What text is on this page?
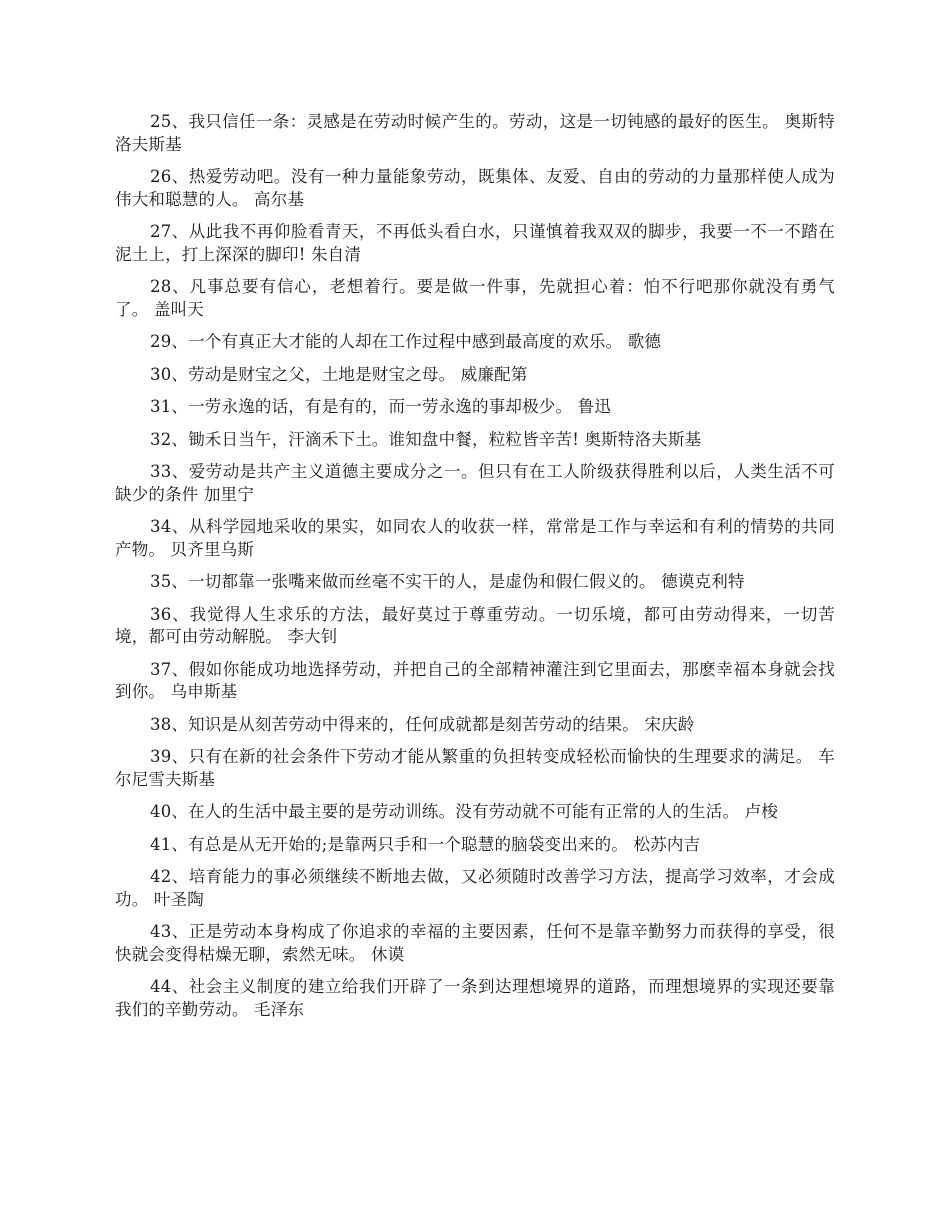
25、我只信任一条：灵感是在劳动时候产生的。劳动，这是一切钝感的最好的医生。 奥斯特洛夫斯基

26、热爱劳动吧。没有一种力量能象劳动，既集体、友爱、自由的劳动的力量那样使人成为伟大和聪慧的人。 高尔基

27、从此我不再仰脸看青天，不再低头看白水，只谨慎着我双双的脚步，我要一不一不踏在泥土上，打上深深的脚印! 朱自清

28、凡事总要有信心，老想着行。要是做一件事，先就担心着：怕不行吧那你就没有勇气了。 盖叫天

29、一个有真正大才能的人却在工作过程中感到最高度的欢乐。 歌德

30、劳动是财宝之父，土地是财宝之母。 威廉配第

31、一劳永逸的话，有是有的，而一劳永逸的事却极少。 鲁迅

32、锄禾日当午，汗滴禾下土。谁知盘中餐，粒粒皆辛苦! 奥斯特洛夫斯基

33、爱劳动是共产主义道德主要成分之一。但只有在工人阶级获得胜利以后，人类生活不可缺少的条件 加里宁

34、从科学园地采收的果实，如同农人的收获一样，常常是工作与幸运和有利的情势的共同产物。 贝齐里乌斯

35、一切都靠一张嘴来做而丝毫不实干的人，是虚伪和假仁假义的。 德谟克利特

36、我觉得人生求乐的方法，最好莫过于尊重劳动。一切乐境，都可由劳动得来，一切苦境，都可由劳动解脱。 李大钊

37、假如你能成功地选择劳动，并把自己的全部精神灌注到它里面去，那麽幸福本身就会找到你。 乌申斯基

38、知识是从刻苦劳动中得来的，任何成就都是刻苦劳动的结果。 宋庆龄

39、只有在新的社会条件下劳动才能从繁重的负担转变成轻松而愉快的生理要求的满足。 车尔尼雪夫斯基

40、在人的生活中最主要的是劳动训练。没有劳动就不可能有正常的人的生活。 卢梭

41、有总是从无开始的;是靠两只手和一个聪慧的脑袋变出来的。 松苏内吉

42、培育能力的事必须继续不断地去做，又必须随时改善学习方法，提高学习效率，才会成功。 叶圣陶

43、正是劳动本身构成了你追求的幸福的主要因素，任何不是靠辛勤努力而获得的享受，很快就会变得枯燥无聊，索然无味。 休谟

44、社会主义制度的建立给我们开辟了一条到达理想境界的道路，而理想境界的实现还要靠我们的辛勤劳动。 毛泽东
